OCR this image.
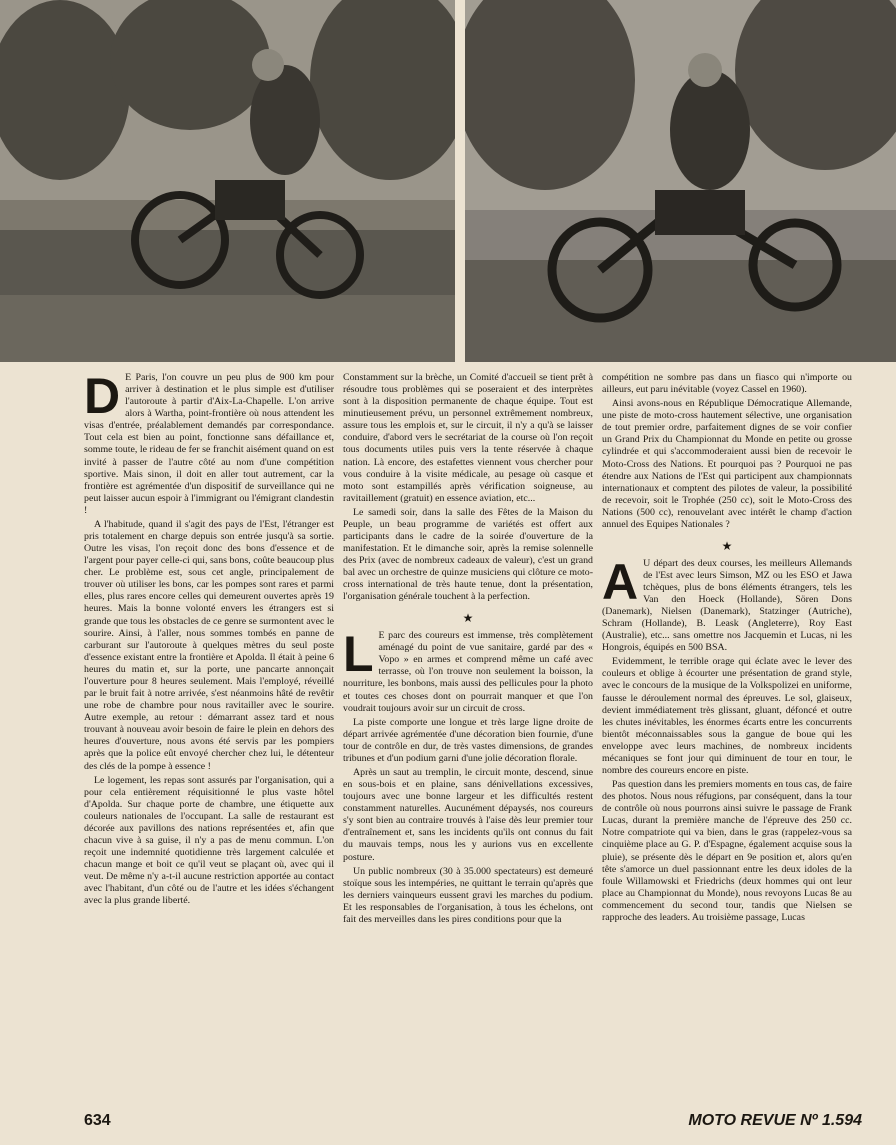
D E Paris, l'on couvre un peu plus de 900 km pour arriver à destination et le plus simple est d'utiliser l'autoroute à partir d'Aix-La-Chapelle. L'on arrive alors à Wartha, point-frontière où nous attendent les visas d'entrée, préalablement demandés par correspondance. Tout cela est bien au point, fonctionne sans défaillance et, somme toute, le rideau de fer se franchit aisément quand on est invité à passer de l'autre côté au nom d'une compétition sportive. Mais sinon, il doit en aller tout autrement, car la frontière est agrémentée d'un dispositif de surveillance qui ne peut laisser aucun espoir à l'immigrant ou l'émigrant clandestin !

A l'habitude, quand il s'agit des pays de l'Est, l'étranger est pris totalement en charge depuis son entrée jusqu'à sa sortie. Outre les visas, l'on reçoit donc des bons d'essence et de l'argent pour payer celle-ci qui, sans bons, coûte beaucoup plus cher. Le problème est, sous cet angle, principalement de trouver où utiliser les bons, car les pompes sont rares et parmi elles, plus rares encore celles qui demeurent ouvertes après 19 heures. Mais la bonne volonté envers les étrangers est si grande que tous les obstacles de ce genre se surmontent avec le sourire. Ainsi, à l'aller, nous sommes tombés en panne de carburant sur l'autoroute à quelques mètres du seul poste d'essence existant entre la frontière et Apolda. Il était à peine 6 heures du matin et, sur la porte, une pancarte annonçait l'ouverture pour 8 heures seulement. Mais l'employé, réveillé par le bruit fait à notre arrivée, s'est néanmoins hâté de revêtir une robe de chambre pour nous ravitailler avec le sourire. Autre exemple, au retour : démarrant assez tard et nous trouvant à nouveau avoir besoin de faire le plein en dehors des heures d'ouverture, nous avons été servis par les pompiers après que la police eût envoyé chercher chez lui, le détenteur des clés de la pompe à essence !

Le logement, les repas sont assurés par l'organisation, qui a pour cela entièrement réquisitionné le plus vaste hôtel d'Apolda. Sur chaque porte de chambre, une étiquette aux couleurs nationales de l'occupant. La salle de restaurant est décorée aux pavillons des nations représentées et, afin que chacun vive à sa guise, il n'y a pas de menu commun. L'on reçoit une indemnité quotidienne très largement calculée et chacun mange et boit ce qu'il veut se plaçant où, avec qui il veut. De même n'y a-t-il aucune restriction apportée au contact avec l'habitant, d'un côté ou de l'autre et les idées s'échangent avec la plus grande liberté.

Constamment sur la brèche, un Comité d'accueil se tient prêt à résoudre tous problèmes qui se poseraient et des interprètes sont à la disposition permanente de chaque équipe. Tout est minutieusement prévu, un personnel extrêmement nombreux, assure tous les emplois et, sur le circuit, il n'y a qu'à se laisser conduire, d'abord vers le secrétariat de la course où l'on reçoit tous documents utiles puis vers la tente réservée à chaque nation. Là encore, des estafettes viennent vous chercher pour vous conduire à la visite médicale, au pesage où casque et moto sont estampillés après vérification soigneuse, au ravitaillement (gratuit) en essence aviation, etc...

Le samedi soir, dans la salle des Fêtes de la Maison du Peuple, un beau programme de variétés est offert aux participants dans le cadre de la soirée d'ouverture de la manifestation. Et le dimanche soir, après la remise solennelle des Prix (avec de nombreux cadeaux de valeur), c'est un grand bal avec un orchestre de quinze musiciens qui clôture ce moto-cross international de très haute tenue, dont la présentation, l'organisation générale touchent à la perfection.

★

L E parc des coureurs est immense, très complètement aménagé du point de vue sanitaire, gardé par des « Vopo » en armes et comprend même un café avec terrasse, où l'on trouve non seulement la boisson, la nourriture, les bonbons, mais aussi des pellicules pour la photo et toutes ces choses dont on pourrait manquer et que l'on voudrait toujours avoir sur un circuit de cross.

La piste comporte une longue et très large ligne droite de départ arrivée agrémentée d'une décoration bien fournie, d'une tour de contrôle en dur, de très vastes dimensions, de grandes tribunes et d'un podium garni d'une jolie décoration florale.

Après un saut au tremplin, le circuit monte, descend, sinue en sous-bois et en plaine, sans dénivellations excessives, toujours avec une bonne largeur et les difficultés restent constamment naturelles. Aucunément dépaysés, nos coureurs s'y sont bien au contraire trouvés à l'aise dès leur premier tour d'entraînement et, sans les incidents qu'ils ont connus du fait du mauvais temps, nous les y aurions vus en excellente posture.

Un public nombreux (30 à 35.000 spectateurs) est demeuré stoïque sous les intempéries, ne quittant le terrain qu'après que les derniers vainqueurs eussent gravi les marches du podium. Et les responsables de l'organisation, à tous les échelons, ont fait des merveilles dans les pires conditions pour que la

compétition ne sombre pas dans un fiasco qui n'importe ou ailleurs, eut paru inévitable (voyez Cassel en 1960).

Ainsi avons-nous en République Démocratique Allemande, une piste de moto-cross hautement sélective, une organisation de tout premier ordre, parfaitement dignes de se voir confier un Grand Prix du Championnat du Monde en petite ou grosse cylindrée et qui s'accommoderaient aussi bien de recevoir le Moto-Cross des Nations. Et pourquoi pas ? Pourquoi ne pas étendre aux Nations de l'Est qui participent aux championnats internationaux et comptent des pilotes de valeur, la possibilité de recevoir, soit le Trophée (250 cc), soit le Moto-Cross des Nations (500 cc), renouvelant avec intérêt le champ d'action annuel des Equipes Nationales ?

★

A U départ des deux courses, les meilleurs Allemands de l'Est avec leurs Simson, MZ ou les ESO et Jawa tchèques, plus de bons éléments étrangers, tels les Van den Hoeck (Hollande), Sören Dons (Danemark), Nielsen (Danemark), Statzinger (Autriche), Schram (Hollande), B. Leask (Angleterre), Roy East (Australie), etc... sans omettre nos Jacquemin et Lucas, ni les Hongrois, équipés en 500 BSA.

Evidemment, le terrible orage qui éclate avec le lever des couleurs et oblige à écourter une présentation de grand style, avec le concours de la musique de la Volkspolizei en uniforme, fausse le déroulement normal des épreuves. Le sol, glaiseux, devient immédiatement très glissant, gluant, défoncé et outre les chutes inévitables, les énormes écarts entre les concurrents bientôt méconnaissables sous la gangue de boue qui les enveloppe avec leurs machines, de nombreux incidents mécaniques se font jour qui diminuent de tour en tour, le nombre des coureurs encore en piste.

Pas question dans les premiers moments en tous cas, de faire des photos. Nous nous réfugions, par conséquent, dans la tour de contrôle où nous pourrons ainsi suivre le passage de Frank Lucas, durant la première manche de l'épreuve des 250 cc. Notre compatriote qui va bien, dans le gras (rappelez-vous sa cinquième place au G. P. d'Espagne, également acquise sous la pluie), se présente dès le départ en 9e position et, alors qu'en tête s'amorce un duel passionnant entre les deux idoles de la foule Willamowski et Friedrichs (deux hommes qui ont leur place au Championnat du Monde), nous revoyons Lucas 8e au commencement du second tour, tandis que Nielsen se rapproche des leaders. Au troisième passage, Lucas

634	MOTO REVUE Nº 1.594
